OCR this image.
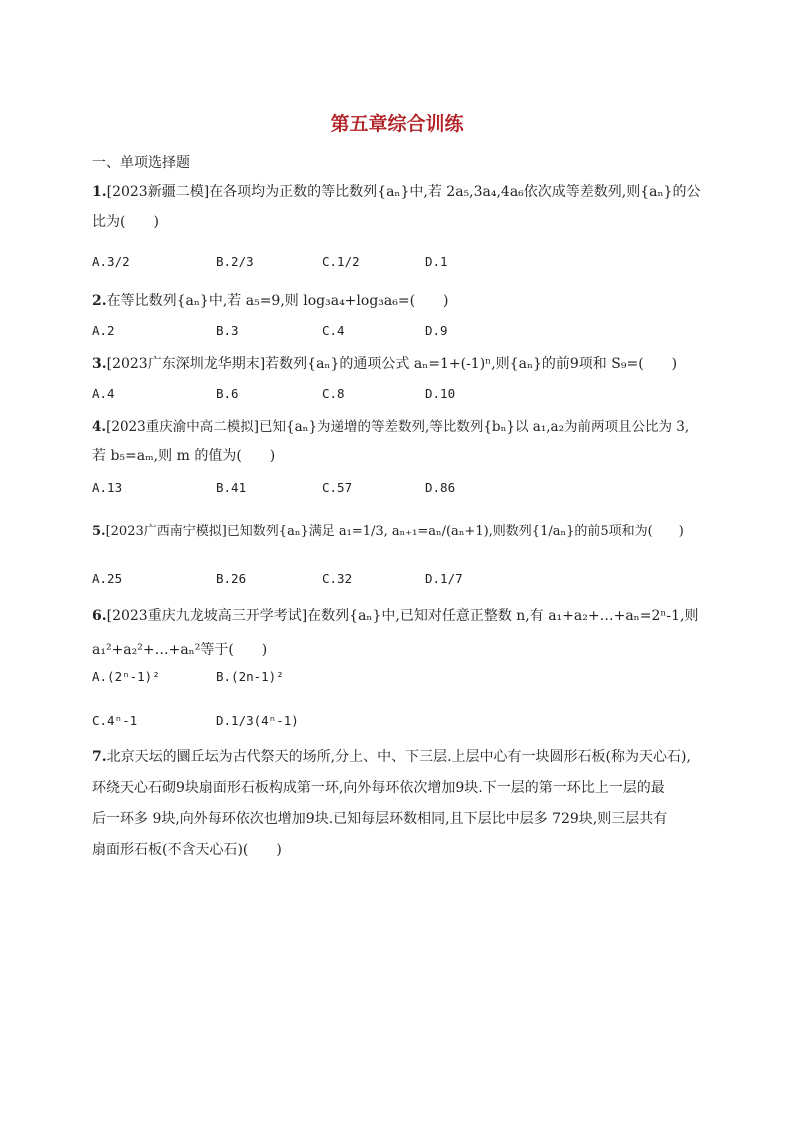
第五章综合训练
一、单项选择题
1.[2023新疆二模]在各项均为正数的等比数列{aₙ}中,若 2a₅,3a₄,4a₆依次成等差数列,则{aₙ}的公
比为(　　)
A.3/2	B.2/3	C.1/2	D.1
2.在等比数列{aₙ}中,若 a₅=9,则 log₃a₄+log₃a₆=(　　)
A.2	B.3	C.4	D.9
3.[2023广东深圳龙华期末]若数列{aₙ}的通项公式 aₙ=1+(-1)ⁿ,则{aₙ}的前9项和 S₉=(　　)
A.4	B.6	C.8	D.10
4.[2023重庆渝中高二模拟]已知{aₙ}为递增的等差数列,等比数列{bₙ}以 a₁,a₂为前两项且公比为 3,
若 b₅=aₘ,则 m 的值为(　　)
A.13	B.41	C.57	D.86
5.[2023广西南宁模拟]已知数列{aₙ}满足 a₁=1/3, aₙ₊₁=aₙ/(aₙ+1),则数列{1/aₙ}的前5项和为(　　)
A.25	B.26	C.32	D.1/7
6.[2023重庆九龙坡高三开学考试]在数列{aₙ}中,已知对任意正整数 n,有 a₁+a₂+…+aₙ=2ⁿ-1,则
a₁²+a₂²+…+aₙ²等于(　　)
A.(2ⁿ-1)²	B.(2n-1)²
C.4ⁿ-1	D.1/3(4ⁿ-1)
7.北京天坛的圜丘坛为古代祭天的场所,分上、中、下三层.上层中心有一块圆形石板(称为天心石),
环绕天心石砌9块扇面形石板构成第一环,向外每环依次增加9块.下一层的第一环比上一层的最
后一环多 9块,向外每环依次也增加9块.已知每层环数相同,且下层比中层多 729块,则三层共有
扇面形石板(不含天心石)(　　)
